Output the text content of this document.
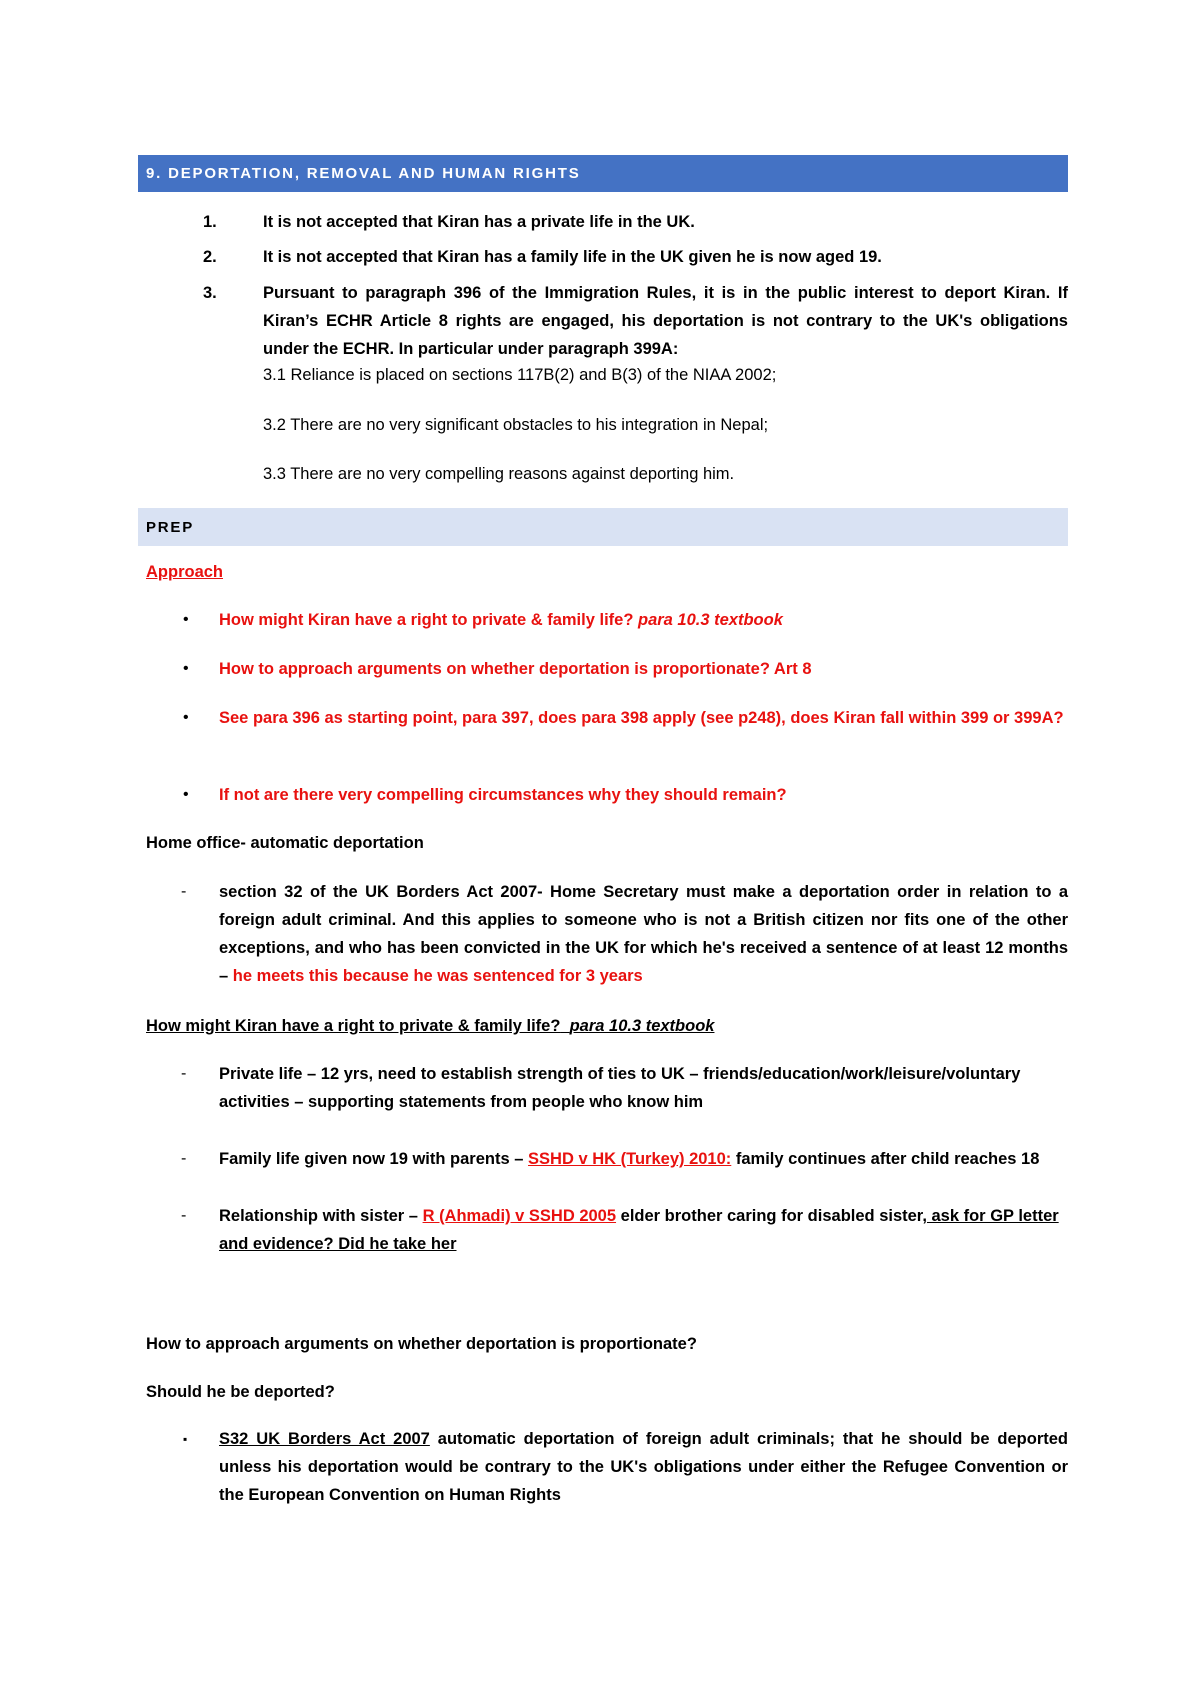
9. DEPORTATION, REMOVAL AND HUMAN RIGHTS
1.	It is not accepted that Kiran has a private life in the UK.
2.	It is not accepted that Kiran has a family life in the UK given he is now aged 19.
3.	Pursuant to paragraph 396 of the Immigration Rules, it is in the public interest to deport Kiran. If Kiran’s ECHR Article 8 rights are engaged, his deportation is not contrary to the UK's obligations under the ECHR. In particular under paragraph 399A:
3.1 Reliance is placed on sections 117B(2) and B(3) of the NIAA 2002;
3.2 There are no very significant obstacles to his integration in Nepal;
3.3 There are no very compelling reasons against deporting him.
PREP
Approach
• How might Kiran have a right to private & family life? para 10.3 textbook
• How to approach arguments on whether deportation is proportionate? Art 8
• See para 396 as starting point, para 397, does para 398 apply (see p248), does Kiran fall within 399 or 399A?
• If not are there very compelling circumstances why they should remain?
Home office- automatic deportation
- section 32 of the UK Borders Act 2007- Home Secretary must make a deportation order in relation to a foreign adult criminal. And this applies to someone who is not a British citizen nor fits one of the other exceptions, and who has been convicted in the UK for which he's received a sentence of at least 12 months – he meets this because he was sentenced for 3 years
How might Kiran have a right to private & family life? para 10.3 textbook
- Private life – 12 yrs, need to establish strength of ties to UK – friends/education/work/leisure/voluntary activities – supporting statements from people who know him
- Family life given now 19 with parents – SSHD v HK (Turkey) 2010: family continues after child reaches 18
- Relationship with sister – R (Ahmadi) v SSHD 2005 elder brother caring for disabled sister, ask for GP letter and evidence? Did he take her
How to approach arguments on whether deportation is proportionate?
Should he be deported?
▪ S32 UK Borders Act 2007 automatic deportation of foreign adult criminals; that he should be deported unless his deportation would be contrary to the UK's obligations under either the Refugee Convention or the European Convention on Human Rights
